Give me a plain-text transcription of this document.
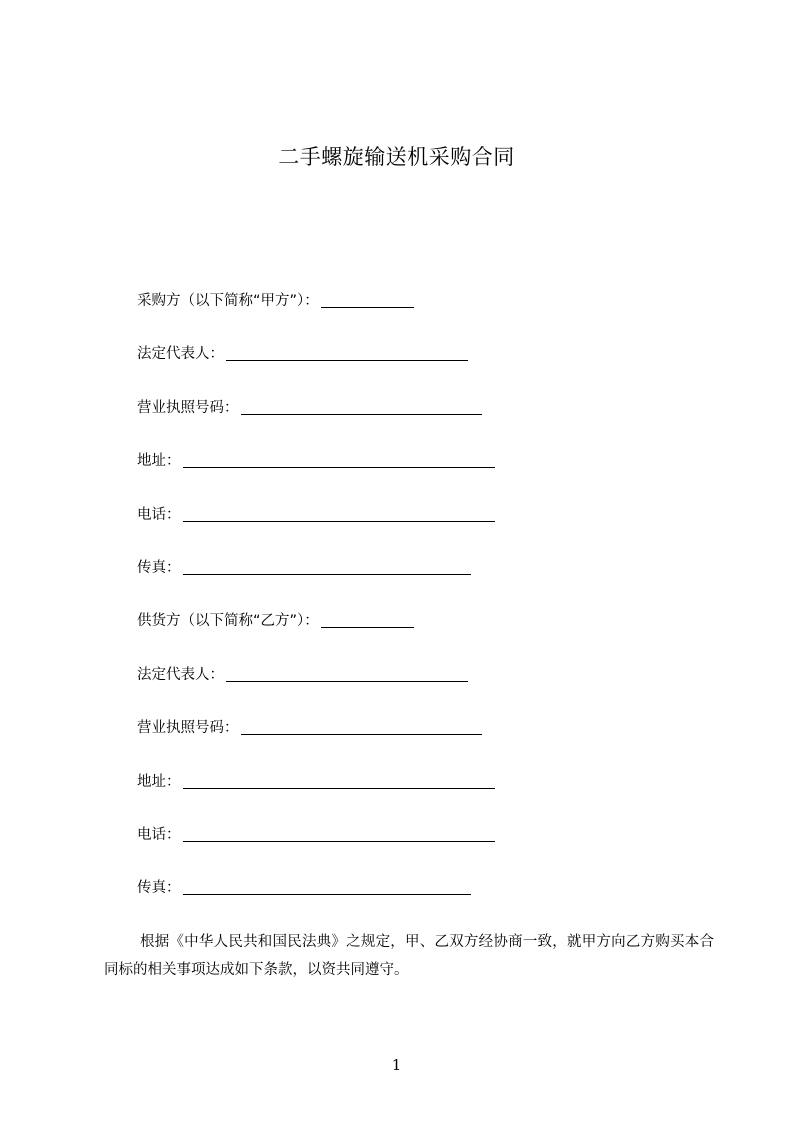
二手螺旋输送机采购合同
采购方（以下简称“甲方”）：
法定代表人：
营业执照号码：
地址：
电话：
传真：
供货方（以下简称“乙方”）：
法定代表人：
营业执照号码：
地址：
电话：
传真：

根据《中华人民共和国民法典》之规定，甲、乙双方经协商一致，就甲方向乙方购买本合同标的相关事项达成如下条款，以资共同遵守。

1
